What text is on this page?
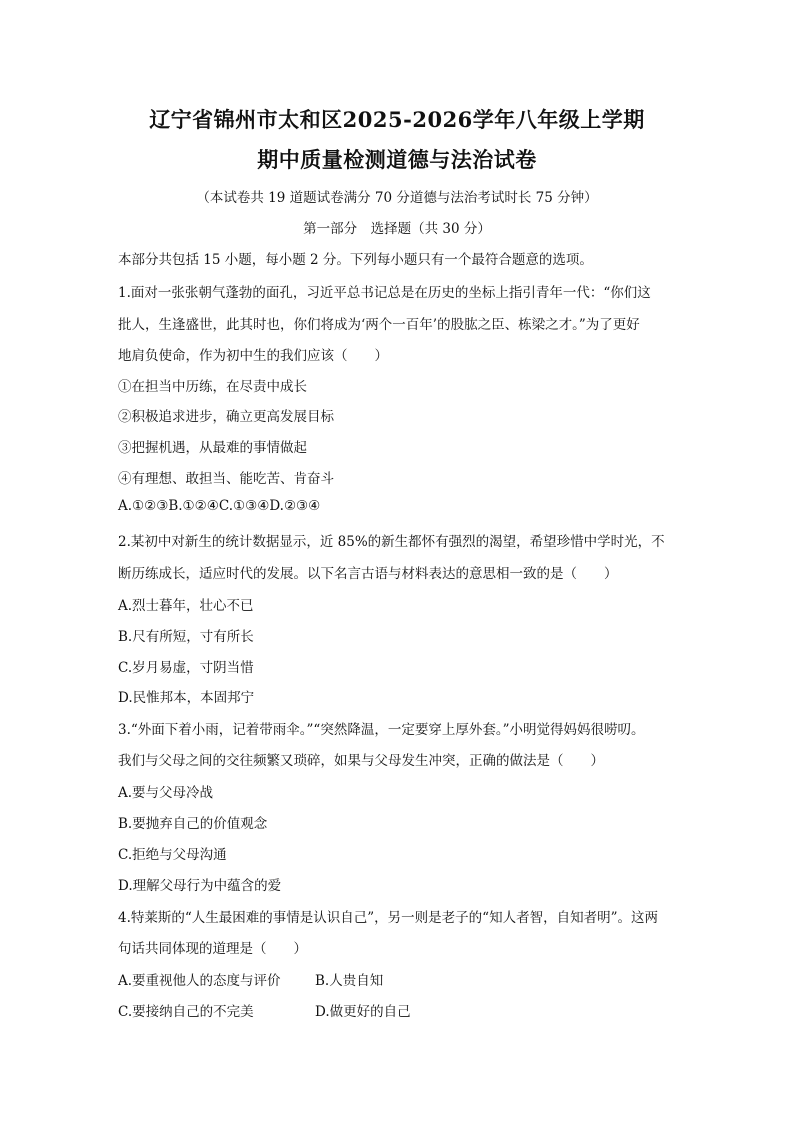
辽宁省锦州市太和区2025-2026学年八年级上学期
期中质量检测道德与法治试卷
（本试卷共 19 道题试卷满分 70 分道德与法治考试时长 75 分钟）
第一部分　选择题（共 30 分）
本部分共包括 15 小题，每小题 2 分。下列每小题只有一个最符合题意的选项。
1.面对一张张朝气蓬勃的面孔，习近平总书记总是在历史的坐标上指引青年一代：“你们这
批人，生逢盛世，此其时也，你们将成为‘两个一百年’的股肱之臣、栋梁之才。”为了更好
地肩负使命，作为初中生的我们应该（　　）
①在担当中历练，在尽责中成长
②积极追求进步，确立更高发展目标
③把握机遇，从最难的事情做起
④有理想、敢担当、能吃苦、肯奋斗
A.①②③B.①②④C.①③④D.②③④
2.某初中对新生的统计数据显示，近 85%的新生都怀有强烈的渴望，希望珍惜中学时光，不
断历练成长，适应时代的发展。以下名言古语与材料表达的意思相一致的是（　　）
A.烈士暮年，壮心不已
B.尺有所短，寸有所长
C.岁月易虚，寸阴当惜
D.民惟邦本，本固邦宁
3.“外面下着小雨，记着带雨伞。”“突然降温，一定要穿上厚外套。”小明觉得妈妈很唠叨。
我们与父母之间的交往频繁又琐碎，如果与父母发生冲突，正确的做法是（　　）
A.要与父母冷战
B.要抛弃自己的价值观念
C.拒绝与父母沟通
D.理解父母行为中蕴含的爱
4.特莱斯的“人生最困难的事情是认识自己”，另一则是老子的“知人者智，自知者明”。这两
句话共同体现的道理是（　　）
A.要重视他人的态度与评价	B.人贵自知
C.要接纳自己的不完美	D.做更好的自己
